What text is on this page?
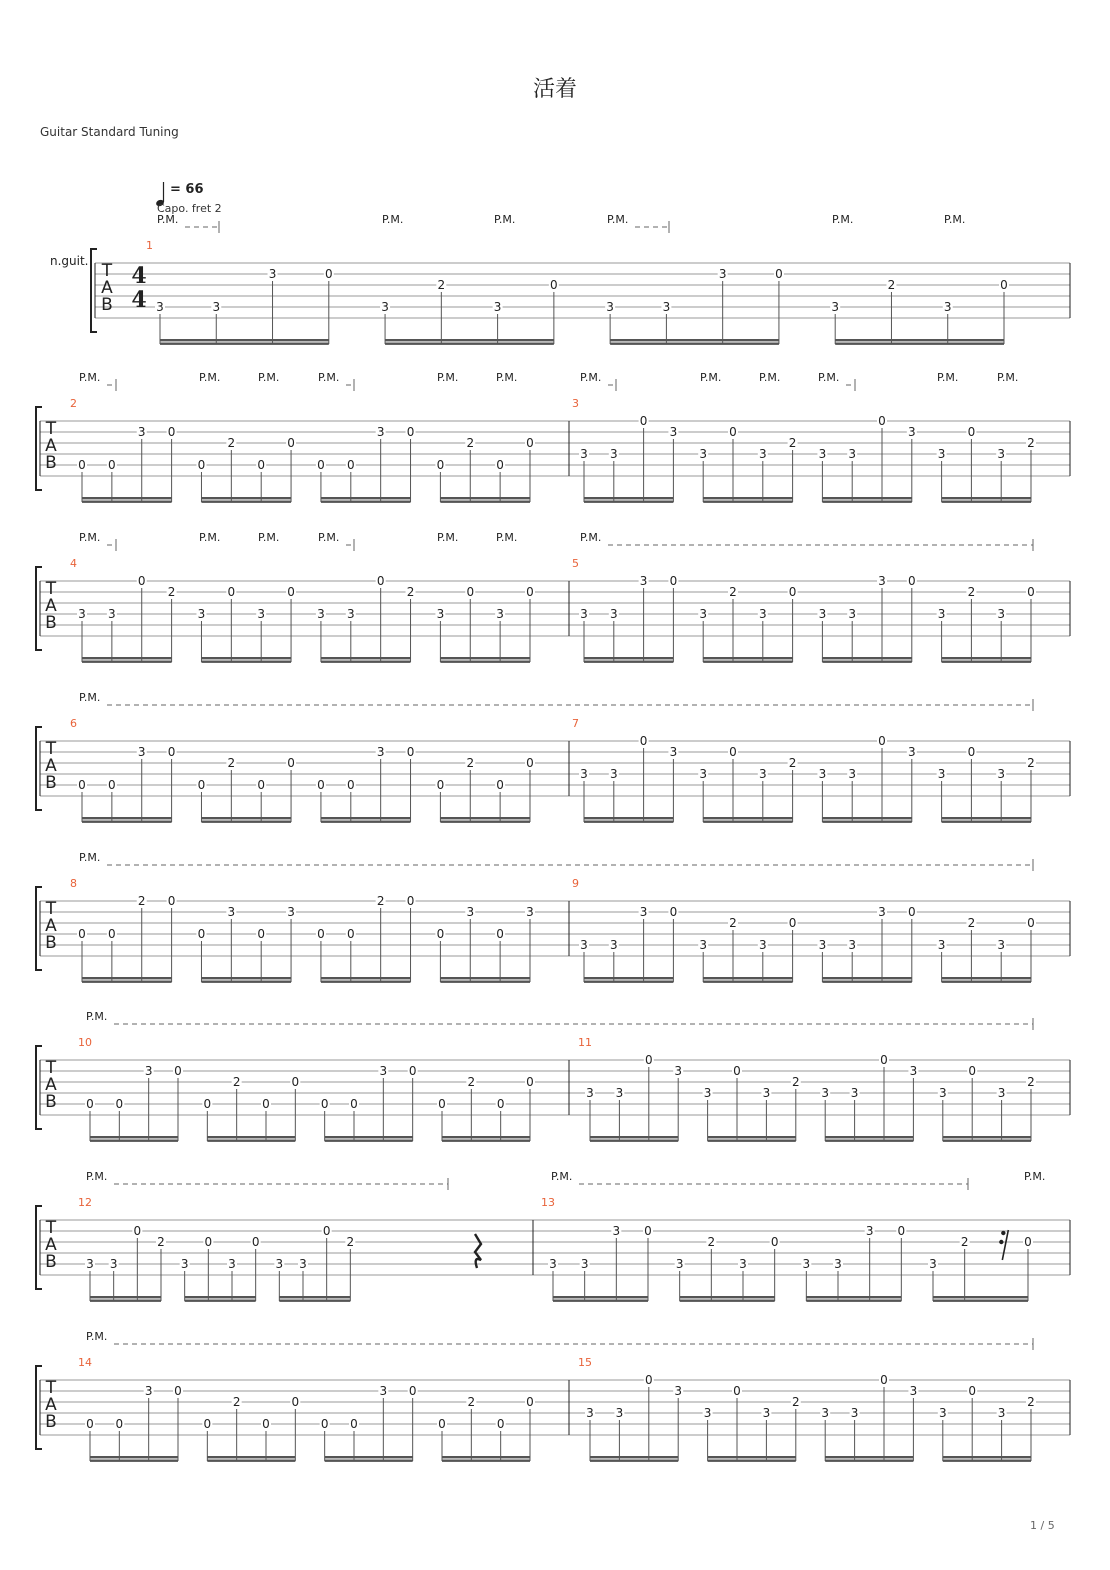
活着
Guitar Standard Tuning
T
A
B
4
4
n.guit.
= 66
Capo. fret 2
1
3	3
3	0
3
2
3
0
3	3
3	0
3
2
3
0
T
A
B
2
0 0
3 0
0
2
0
0
0 0
3 0
0
2
0
0
3
3 3
0
3
3
0
3
2
3 3
0
3
3
0
3
2
T
A
B
4
3 3
0
2
3
0
3
0
3 3
0
2
3
0
3
0
5
3 3
3 0
3
2
3
0
3 3
3 0
3
2
3
0
T
A
B
6
0 0
3 0
0
2
0
0
0 0
3 0
0
2
0
0
7
3 3
0
3
3
0
3
2
3 3
0
3
3
0
3
2
T
A
B
8
0 0
2 0
0
3
0
3
0 0
2 0
0
3
0
3
9
3 3
3 0
3
2
3
0
3 3
3 0
3
2
3
0
T
A
B
10
0 0
3 0
0
2
0
0
0 0
3 0
0
2
0
0
11
3 3
0
3
3
0
3
2
3 3
0
3
3
0
3
2
T
A
B
12
3 3
0
2
3
0
3
0
3 3
0
2
13
3 3
3 0
3
2
3
0
3 3
3 0
3
2	0
T
A
B
14
0 0
3 0
0
2
0
0
0 0
3 0
0
2
0
0
15
3 3
0
3
3
0
3
2
3 3
0
3
3
0
3
2
P.M.	P.M.	P.M.	P.M.	P.M.	P.M.
P.M.	P.M.	P.M.	P.M.	P.M.	P.M.	P.M.	P.M.	P.M.	P.M.	P.M.	P.M.
P.M.	P.M.	P.M.	P.M.	P.M.	P.M.	P.M.
P.M.
P.M.
P.M.
P.M.	P.M.	P.M.
P.M.
1 / 5
